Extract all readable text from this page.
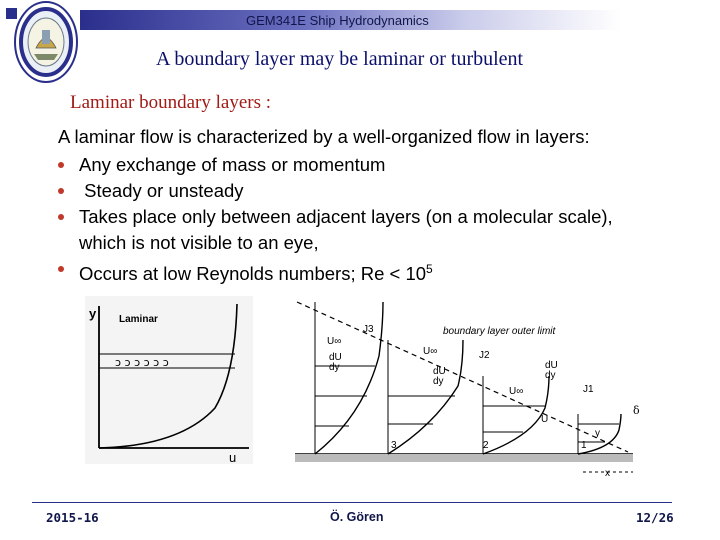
GEM341E Ship Hydrodynamics
A boundary layer may be laminar or turbulent
Laminar boundary layers :
A laminar flow is characterized by a well-organized flow in layers:
Any exchange of mass or momentum
Steady or unsteady
Takes place only between adjacent layers (on a molecular scale),
which is not visible to an eye,
Occurs at low Reynolds numbers; $Re < 10^5$
y
u
Laminar
ɔ ɔ ɔ ɔ ɔ ɔ
boundary layer outer limit
U∞
U∞
dU
dy	dU
dy
dU
dy
U∞
U
J3
J2
J1
δ
y
x
1
2
3
2015-16	Ö. Gören	12/26
